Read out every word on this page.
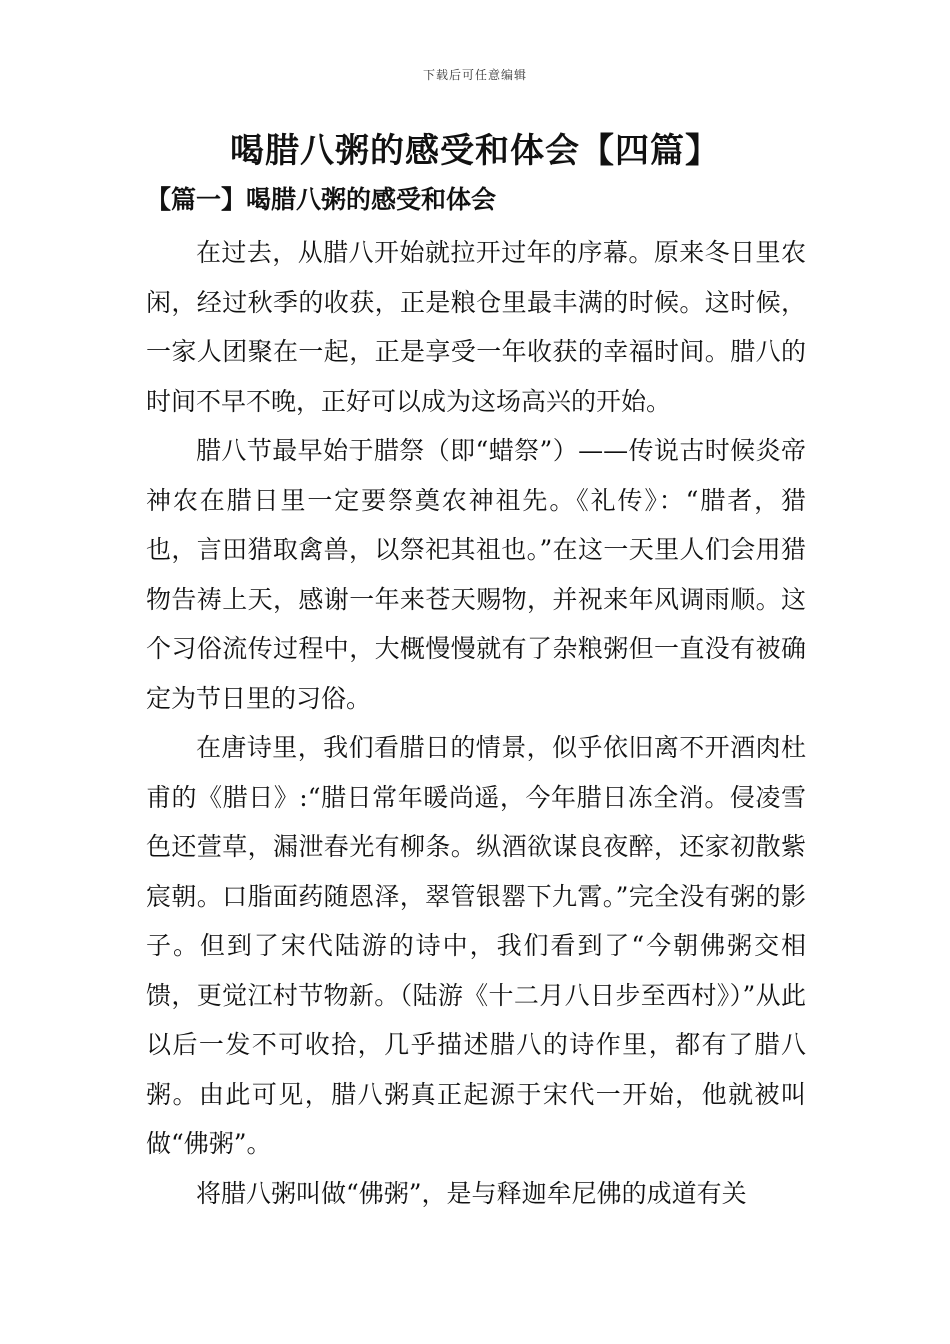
下载后可任意编辑
喝腊八粥的感受和体会【四篇】
【篇一】喝腊八粥的感受和体会

在过去，从腊八开始就拉开过年的序幕。原来冬日里农闲，经过秋季的收获，正是粮仓里最丰满的时候。这时候，一家人团聚在一起，正是享受一年收获的幸福时间。腊八的时间不早不晚，正好可以成为这场高兴的开始。

腊八节最早始于腊祭（即“蜡祭”）——传说古时候炎帝神农在腊日里一定要祭奠农神祖先。《礼传》：“腊者，猎也，言田猎取禽兽，以祭祀其祖也。”在这一天里人们会用猎物告祷上天，感谢一年来苍天赐物，并祝来年风调雨顺。这个习俗流传过程中，大概慢慢就有了杂粮粥但一直没有被确定为节日里的习俗。

在唐诗里，我们看腊日的情景，似乎依旧离不开酒肉杜甫的《腊日》:“腊日常年暖尚遥，今年腊日冻全消。侵凌雪色还萱草，漏泄春光有柳条。纵酒欲谋良夜醉，还家初散紫宸朝。口脂面药随恩泽，翠管银罂下九霄。”完全没有粥的影子。但到了宋代陆游的诗中，我们看到了“今朝佛粥交相馈，更觉江村节物新。（陆游《十二月八日步至西村》）”从此以后一发不可收拾，几乎描述腊八的诗作里，都有了腊八粥。由此可见，腊八粥真正起源于宋代一开始，他就被叫做“佛粥”。

将腊八粥叫做“佛粥”，是与释迦牟尼佛的成道有关
